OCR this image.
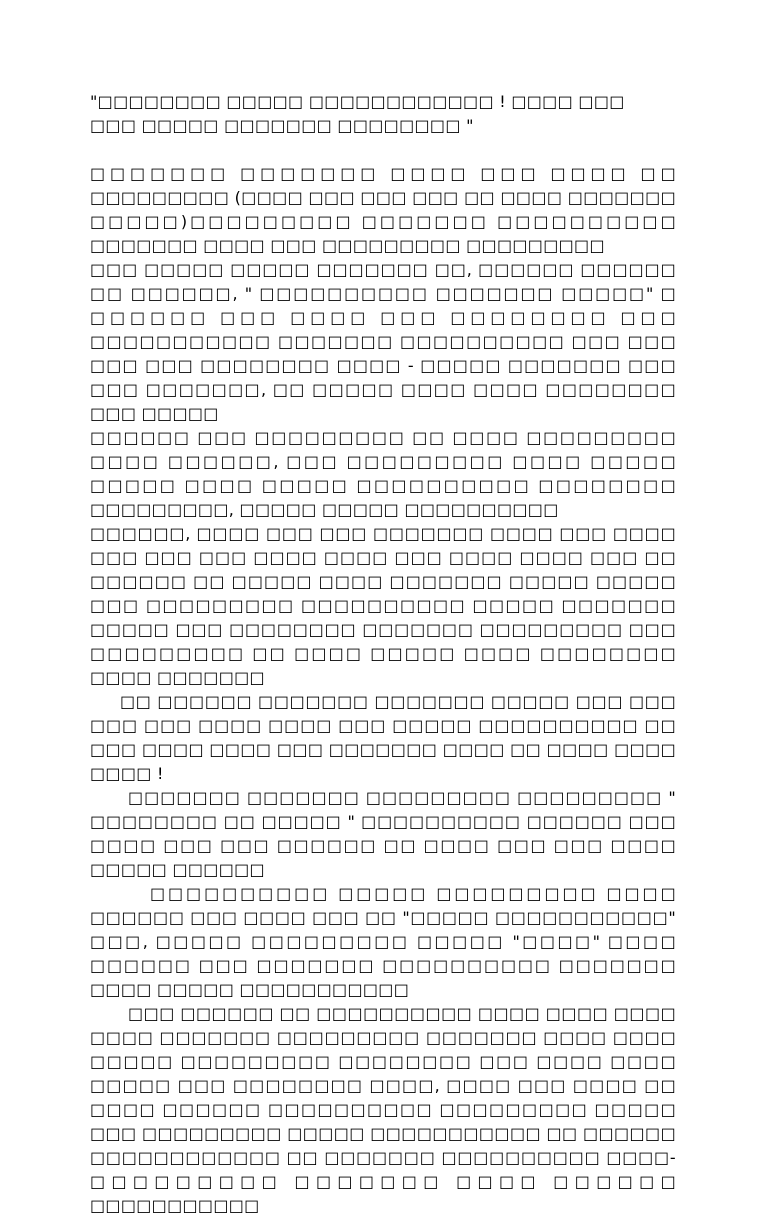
"□□□□□□□□ □□□□□ □□□□□□□□□□□□ ! □□□□ □□□ □□□ □□□□□ □□□□□□□ □□□□□□□□ "

□□□□□□□ □□□□□□□ □□□□ □□□ □□□□ □□ □□□□□□□□□ (□□□□ □□□ □□□ □□□ □□ □□□□ □□□□□□□ □□□□□)□□□□□□□□□ □□□□□□□ □□□□□□□□□□ □□□□□□□ □□□□ □□□ □□□□□□□□□ □□□□□□□□□

□□□ □□□□□ □□□□□ □□□□□□□ □□, □□□□□□ □□□□□□ □□ □□□□□□, " □□□□□□□□□□ □□□□□□□ □□□□□" □ □□□□□□ □□□ □□□□ □□□ □□□□□□□□ □□□ □□□□□□□□□□□ □□□□□□□ □□□□□□□□□□ □□□ □□□ □□□ □□□ □□□□□□□□ □□□□ - □□□□□ □□□□□□□ □□□ □□□ □□□□□□□, □□ □□□□□ □□□□ □□□□ □□□□□□□□ □□□ □□□□□

□□□□□□ □□□ □□□□□□□□□ □□ □□□□ □□□□□□□□□ □□□□ □□□□□□, □□□ □□□□□□□□□ □□□□ □□□□□ □□□□□ □□□□ □□□□□ □□□□□□□□□□ □□□□□□□□ □□□□□□□□□, □□□□□ □□□□□ □□□□□□□□□□

□□□□□□, □□□□ □□□ □□□ □□□□□□□ □□□□ □□□ □□□□ □□□ □□□ □□□ □□□□ □□□□ □□□ □□□□ □□□□ □□□ □□ □□□□□□ □□ □□□□□ □□□□ □□□□□□□ □□□□□ □□□□□ □□□ □□□□□□□□□ □□□□□□□□□□ □□□□□ □□□□□□□ □□□□□ □□□ □□□□□□□□ □□□□□□□ □□□□□□□□□ □□□ □□□□□□□□□ □□ □□□□ □□□□□ □□□□ □□□□□□□□ □□□□ □□□□□□□

□□ □□□□□□ □□□□□□□ □□□□□□□ □□□□□ □□□ □□□ □□□ □□□ □□□□ □□□□ □□□ □□□□□ □□□□□□□□□□ □□ □□□ □□□□ □□□□ □□□ □□□□□□□ □□□□ □□ □□□□ □□□□ □□□□ !

□□□□□□□ □□□□□□□ □□□□□□□□□ □□□□□□□□□ " □□□□□□□□ □□ □□□□□ " □□□□□□□□□□ □□□□□□ □□□ □□□□ □□□ □□□ □□□□□□ □□ □□□□ □□□ □□□ □□□□ □□□□□ □□□□□□

□□□□□□□□□□ □□□□□ □□□□□□□□□ □□□□ □□□□□□ □□□ □□□□ □□□ □□ "□□□□□ □□□□□□□□□□□" □□□, □□□□□ □□□□□□□□□ □□□□□ "□□□□" □□□□ □□□□□□ □□□ □□□□□□□ □□□□□□□□□□ □□□□□□□ □□□□ □□□□□ □□□□□□□□□□□

□□□ □□□□□□ □□ □□□□□□□□□□ □□□□ □□□□ □□□□ □□□□ □□□□□□□ □□□□□□□□□ □□□□□□□ □□□□ □□□□ □□□□□ □□□□□□□□□ □□□□□□□□ □□□ □□□□ □□□□ □□□□□ □□□ □□□□□□□□ □□□□, □□□□ □□□ □□□□ □□ □□□□ □□□□□□ □□□□□□□□□□ □□□□□□□□□ □□□□□ □□□ □□□□□□□□□ □□□□□ □□□□□□□□□□□ □□ □□□□□□ □□□□□□□□□□□□ □□ □□□□□□□ □□□□□□□□□□ □□□□-□□□□□□□□□ □□□□□□□ □□□□ □□□□□□ □□□□□□□□□□□
